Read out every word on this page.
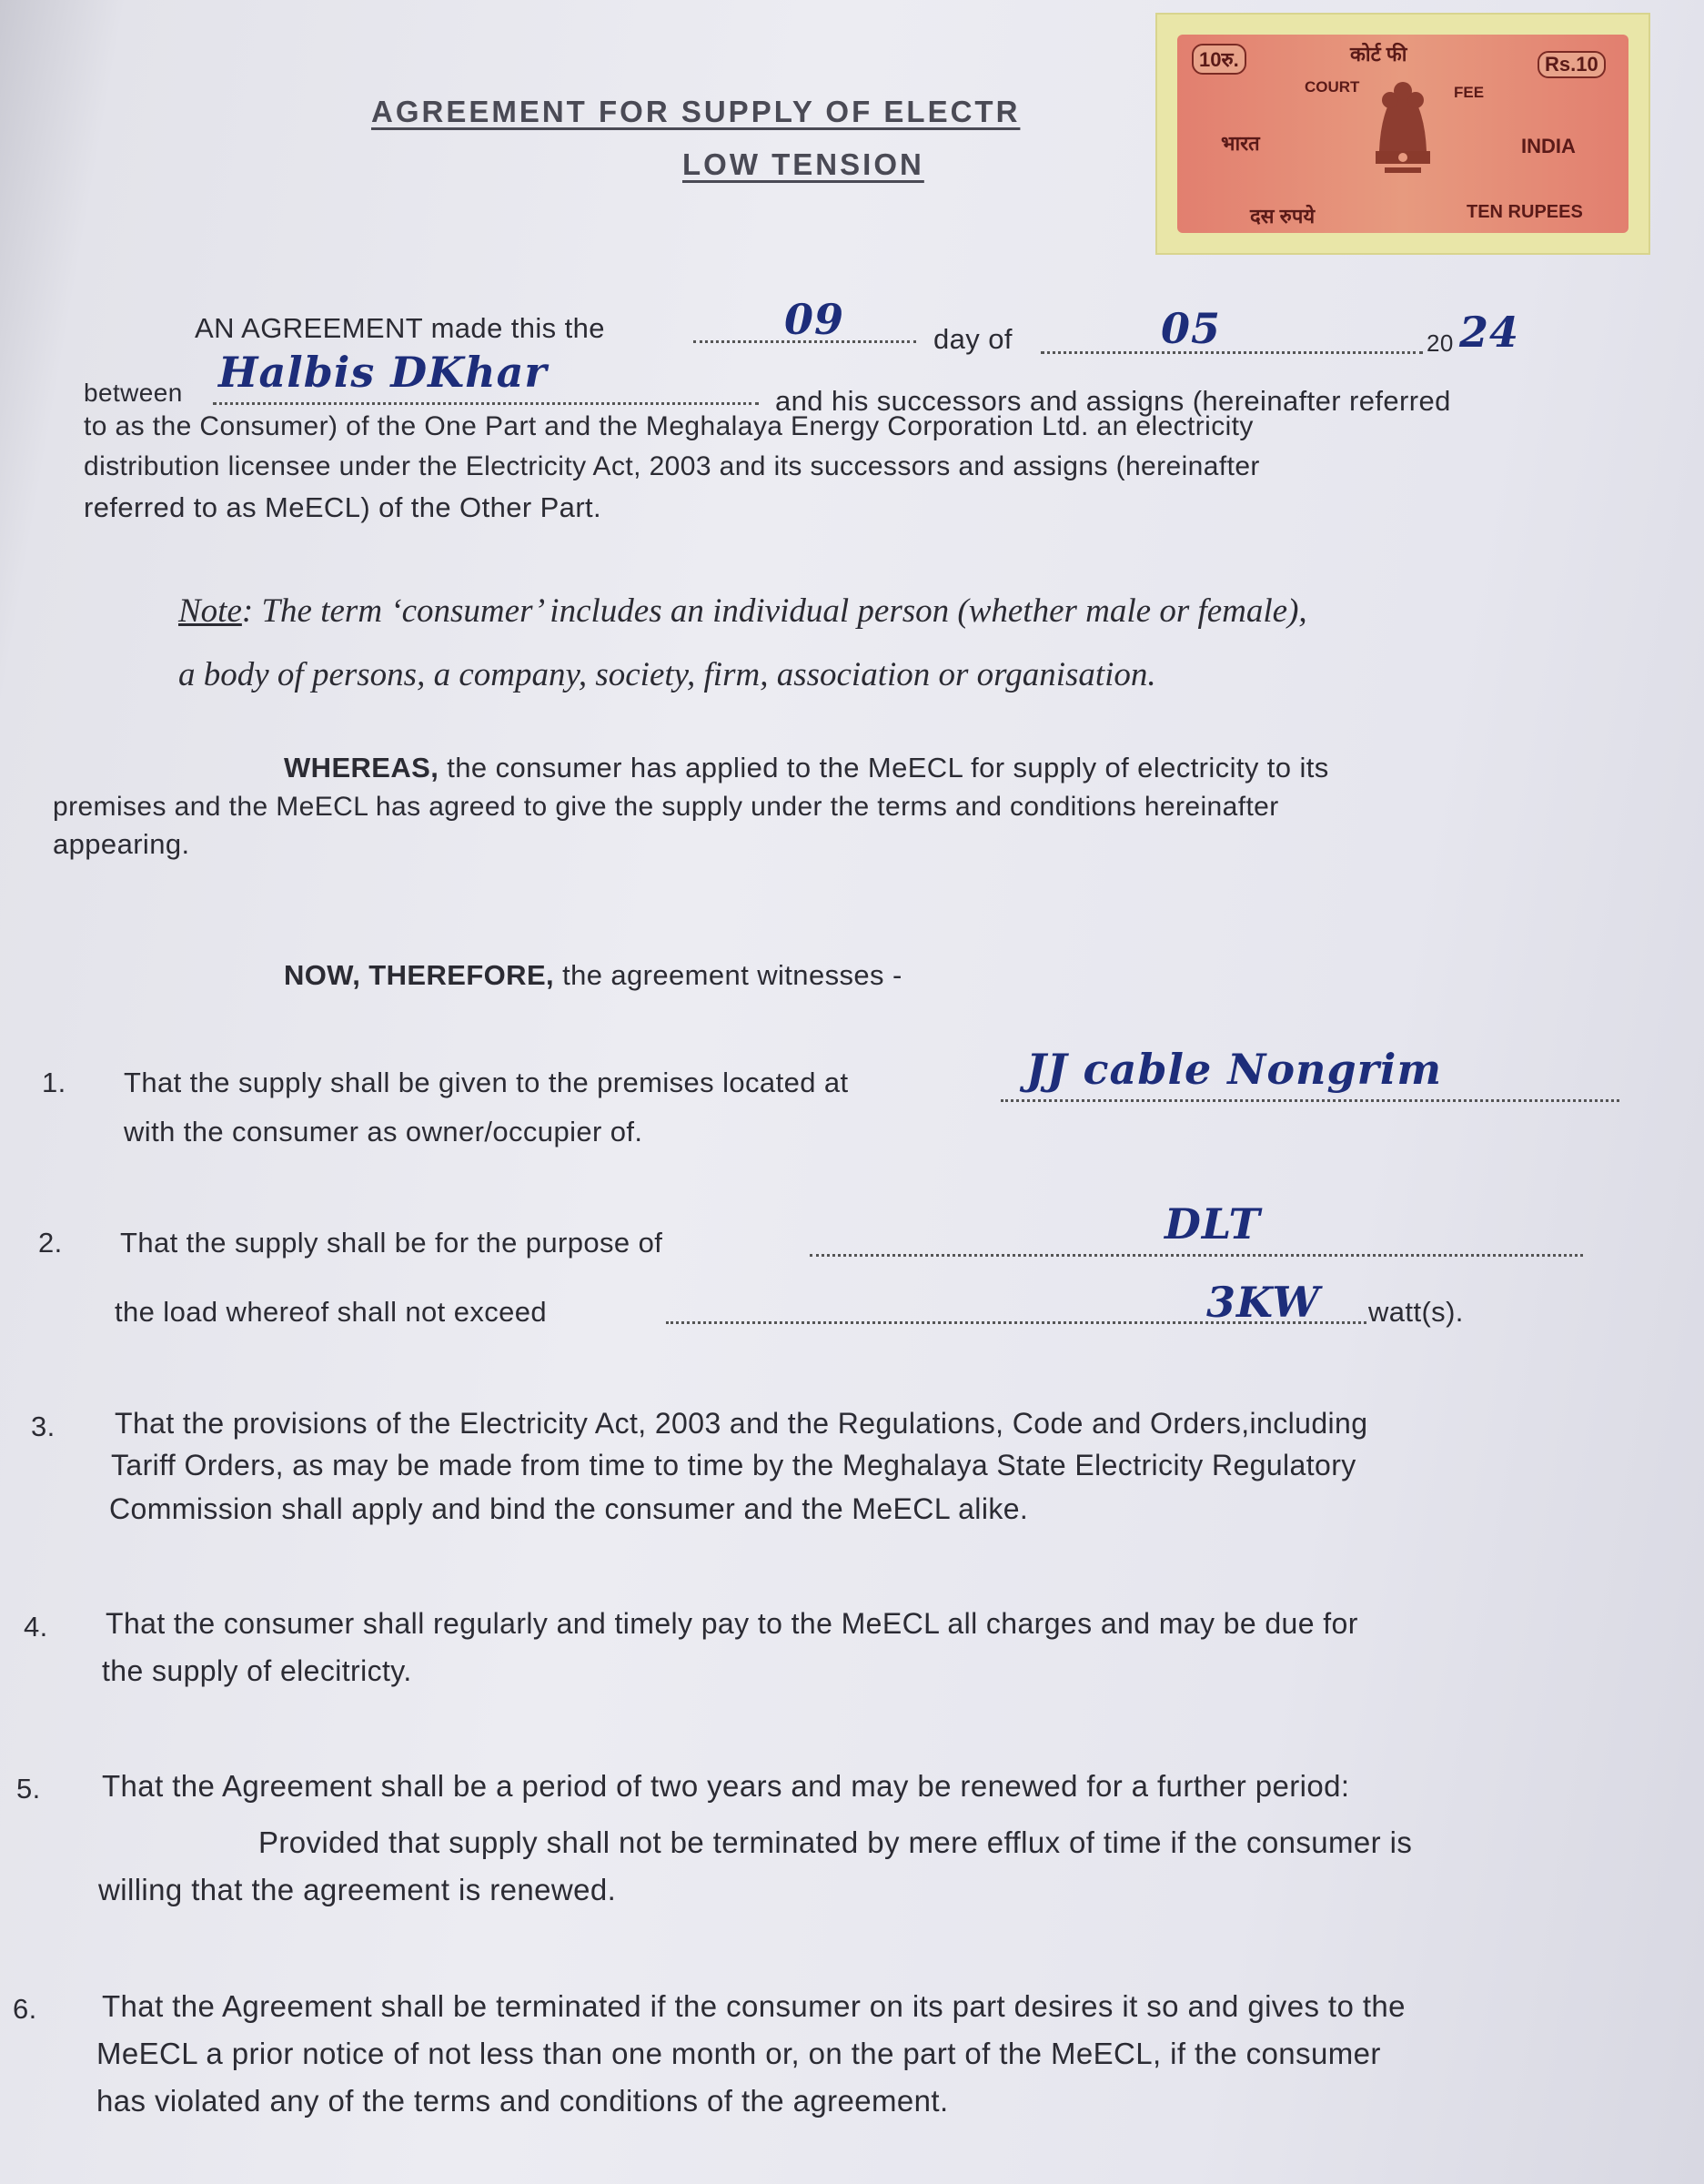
10रु.	कोर्ट फी	Rs.10
COURT	FEE
भारत	INDIA
दस रुपये	TEN RUPEES
AGREEMENT FOR SUPPLY OF ELECTR
LOW TENSION
AN AGREEMENT made this the	09	day of	05	20 24
between Halbis DKhar
and his successors and assigns (hereinafter referred
to as the Consumer) of the One Part and the Meghalaya Energy Corporation Ltd. an electricity
distribution licensee under the Electricity Act, 2003 and its successors and assigns (hereinafter
referred to as MeECL) of the Other Part.
Note: The term ‘consumer’ includes an individual person (whether male or female),
a body of persons, a company, society, firm, association or organisation.
WHEREAS, the consumer has applied to the MeECL for supply of electricity to its
premises and the MeECL has agreed to give the supply under the terms and conditions hereinafter
appearing.
NOW, THEREFORE, the agreement witnesses -
1. That the supply shall be given to the premises located at	JJ cable Nongrim
with the consumer as owner/occupier of.
2. That the supply shall be for the purpose of	DLT
the load whereof shall not exceed	3KW watt(s).
3. That the provisions of the Electricity Act, 2003 and the Regulations, Code and Orders,including
Tariff Orders, as may be made from time to time by the Meghalaya State Electricity Regulatory
Commission shall apply and bind the consumer and the MeECL alike.
4. That the consumer shall regularly and timely pay to the MeECL all charges and may be due for
the supply of elecitricty.
5. That the Agreement shall be a period of two years and may be renewed for a further period:
Provided that supply shall not be terminated by mere efflux of time if the consumer is
willing that the agreement is renewed.
6. That the Agreement shall be terminated if the consumer on its part desires it so and gives to the
MeECL a prior notice of not less than one month or, on the part of the MeECL, if the consumer
has violated any of the terms and conditions of the agreement.
